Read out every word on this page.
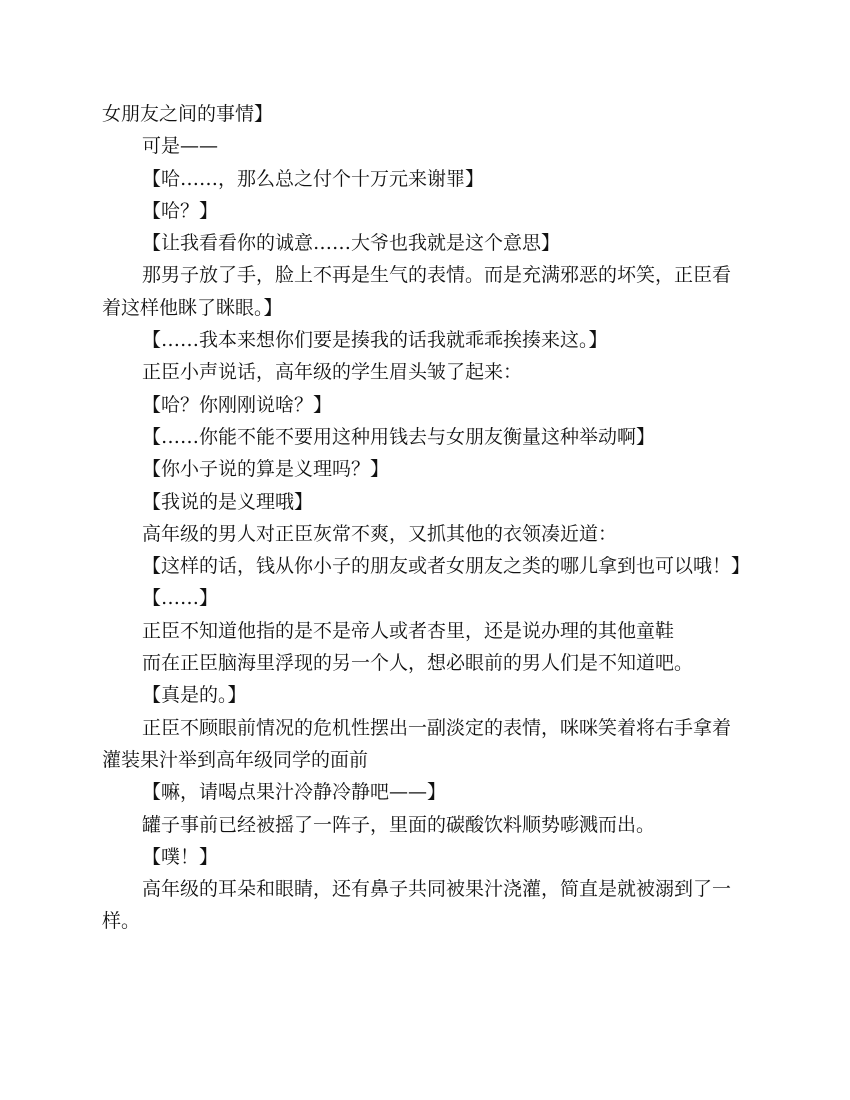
女朋友之间的事情】

可是——

【哈……，那么总之付个十万元来谢罪】

【哈？】

【让我看看你的诚意……大爷也我就是这个意思】

那男子放了手，脸上不再是生气的表情。而是充满邪恶的坏笑，正臣看着这样他眯了眯眼。】

【……我本来想你们要是揍我的话我就乖乖挨揍来这。】

正臣小声说话，高年级的学生眉头皱了起来：

【哈？你刚刚说啥？】

【……你能不能不要用这种用钱去与女朋友衡量这种举动啊】

【你小子说的算是义理吗？】

【我说的是义理哦】

高年级的男人对正臣灰常不爽，又抓其他的衣领凑近道：

【这样的话，钱从你小子的朋友或者女朋友之类的哪儿拿到也可以哦！】

【……】

正臣不知道他指的是不是帝人或者杏里，还是说办理的其他童鞋

而在正臣脑海里浮现的另一个人，想必眼前的男人们是不知道吧。

【真是的。】

正臣不顾眼前情况的危机性摆出一副淡定的表情，咪咪笑着将右手拿着灌装果汁举到高年级同学的面前

【嘛，请喝点果汁冷静冷静吧——】

罐子事前已经被摇了一阵子，里面的碳酸饮料顺势嘭溅而出。

【噗！】

高年级的耳朵和眼睛，还有鼻子共同被果汁浇灌，简直是就被溺到了一样。
